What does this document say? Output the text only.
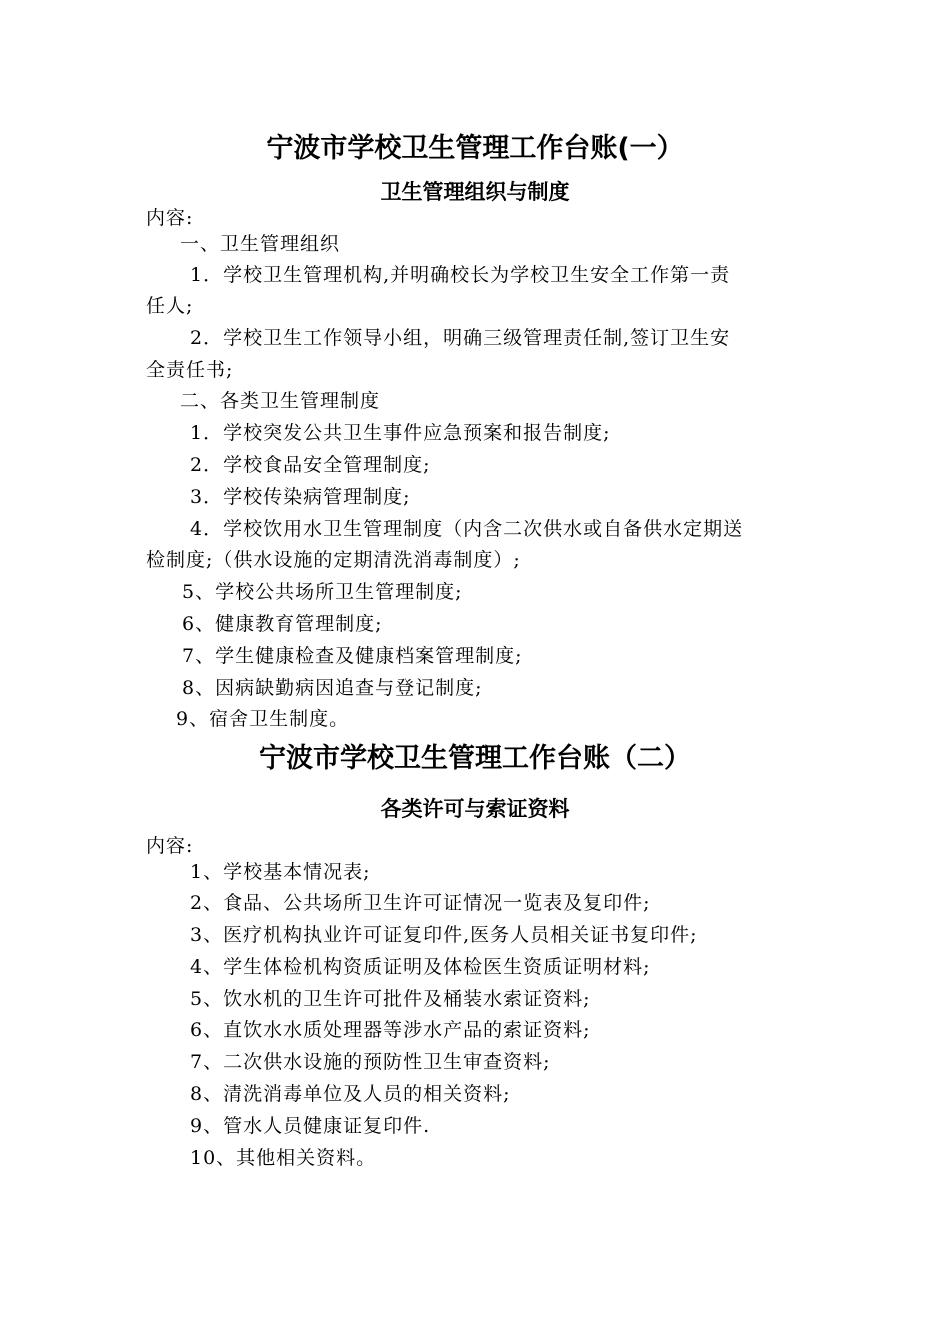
宁波市学校卫生管理工作台账(一）
卫生管理组织与制度
内容:
一、卫生管理组织
1．学校卫生管理机构,并明确校长为学校卫生安全工作第一责
任人;
2．学校卫生工作领导小组，明确三级管理责任制,签订卫生安
全责任书;
二、各类卫生管理制度
1．学校突发公共卫生事件应急预案和报告制度;
2．学校食品安全管理制度;
3．学校传染病管理制度;
4．学校饮用水卫生管理制度（内含二次供水或自备供水定期送
检制度;（供水设施的定期清洗消毒制度）;
5、学校公共场所卫生管理制度;
6、健康教育管理制度;
7、学生健康检查及健康档案管理制度;
8、因病缺勤病因追查与登记制度;
9、宿舍卫生制度。
宁波市学校卫生管理工作台账（二）
各类许可与索证资料
内容:
1、学校基本情况表;
2、食品、公共场所卫生许可证情况一览表及复印件;
3、医疗机构执业许可证复印件,医务人员相关证书复印件;
4、学生体检机构资质证明及体检医生资质证明材料;
5、饮水机的卫生许可批件及桶装水索证资料;
6、直饮水水质处理器等涉水产品的索证资料;
7、二次供水设施的预防性卫生审查资料;
8、清洗消毒单位及人员的相关资料;
9、管水人员健康证复印件.
10、其他相关资料。
